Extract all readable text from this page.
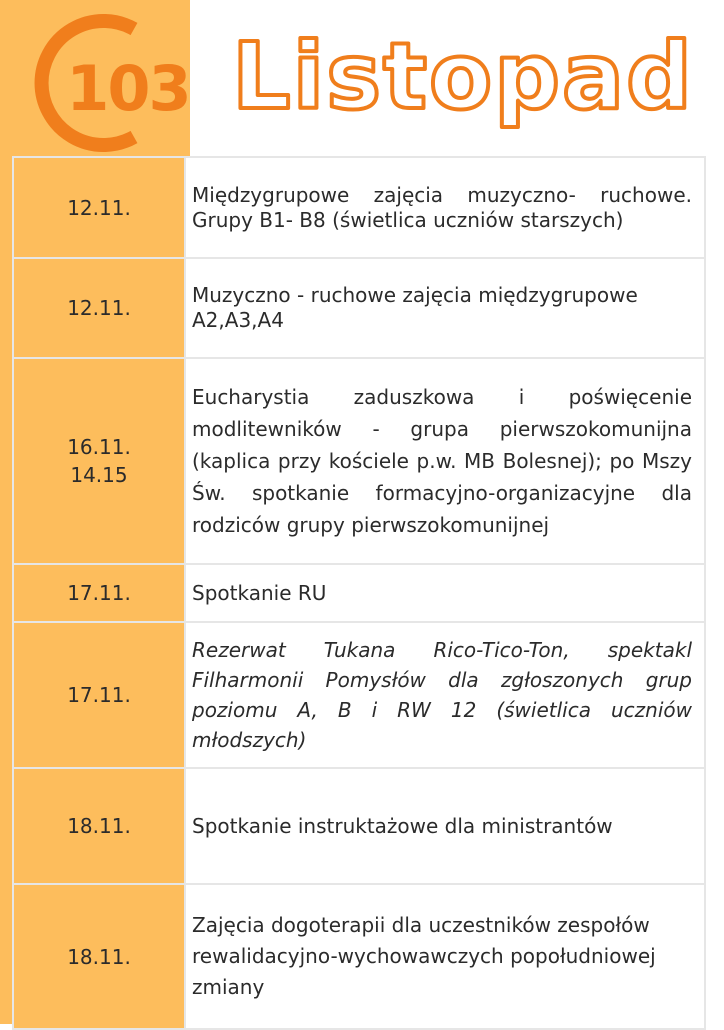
103 Listopad
12.11.	Międzygrupowe zajęcia muzyczno- ruchowe. Grupy B1- B8 (świetlica uczniów starszych)
12.11.	Muzyczno - ruchowe zajęcia międzygrupowe A2,A3,A4

16.11.
14.15	Eucharystia zaduszkowa i poświęcenie modlitewników - grupa pierwszokomunijna (kaplica przy kościele p.w. MB Bolesnej); po Mszy Św. spotkanie formacyjno-organizacyjne dla rodziców grupy pierwszokomunijnej
17.11.	Spotkanie RU
17.11.	Rezerwat Tukana Rico-Tico-Ton, spektakl Filharmonii Pomysłów dla zgłoszonych grup poziomu A, B i RW 12 (świetlica uczniów młodszych)
18.11.	Spotkanie instruktażowe dla ministrantów
18.11.	Zajęcia dogoterapii dla uczestników zespołów rewalidacyjno-wychowawczych popołudniowej zmiany
